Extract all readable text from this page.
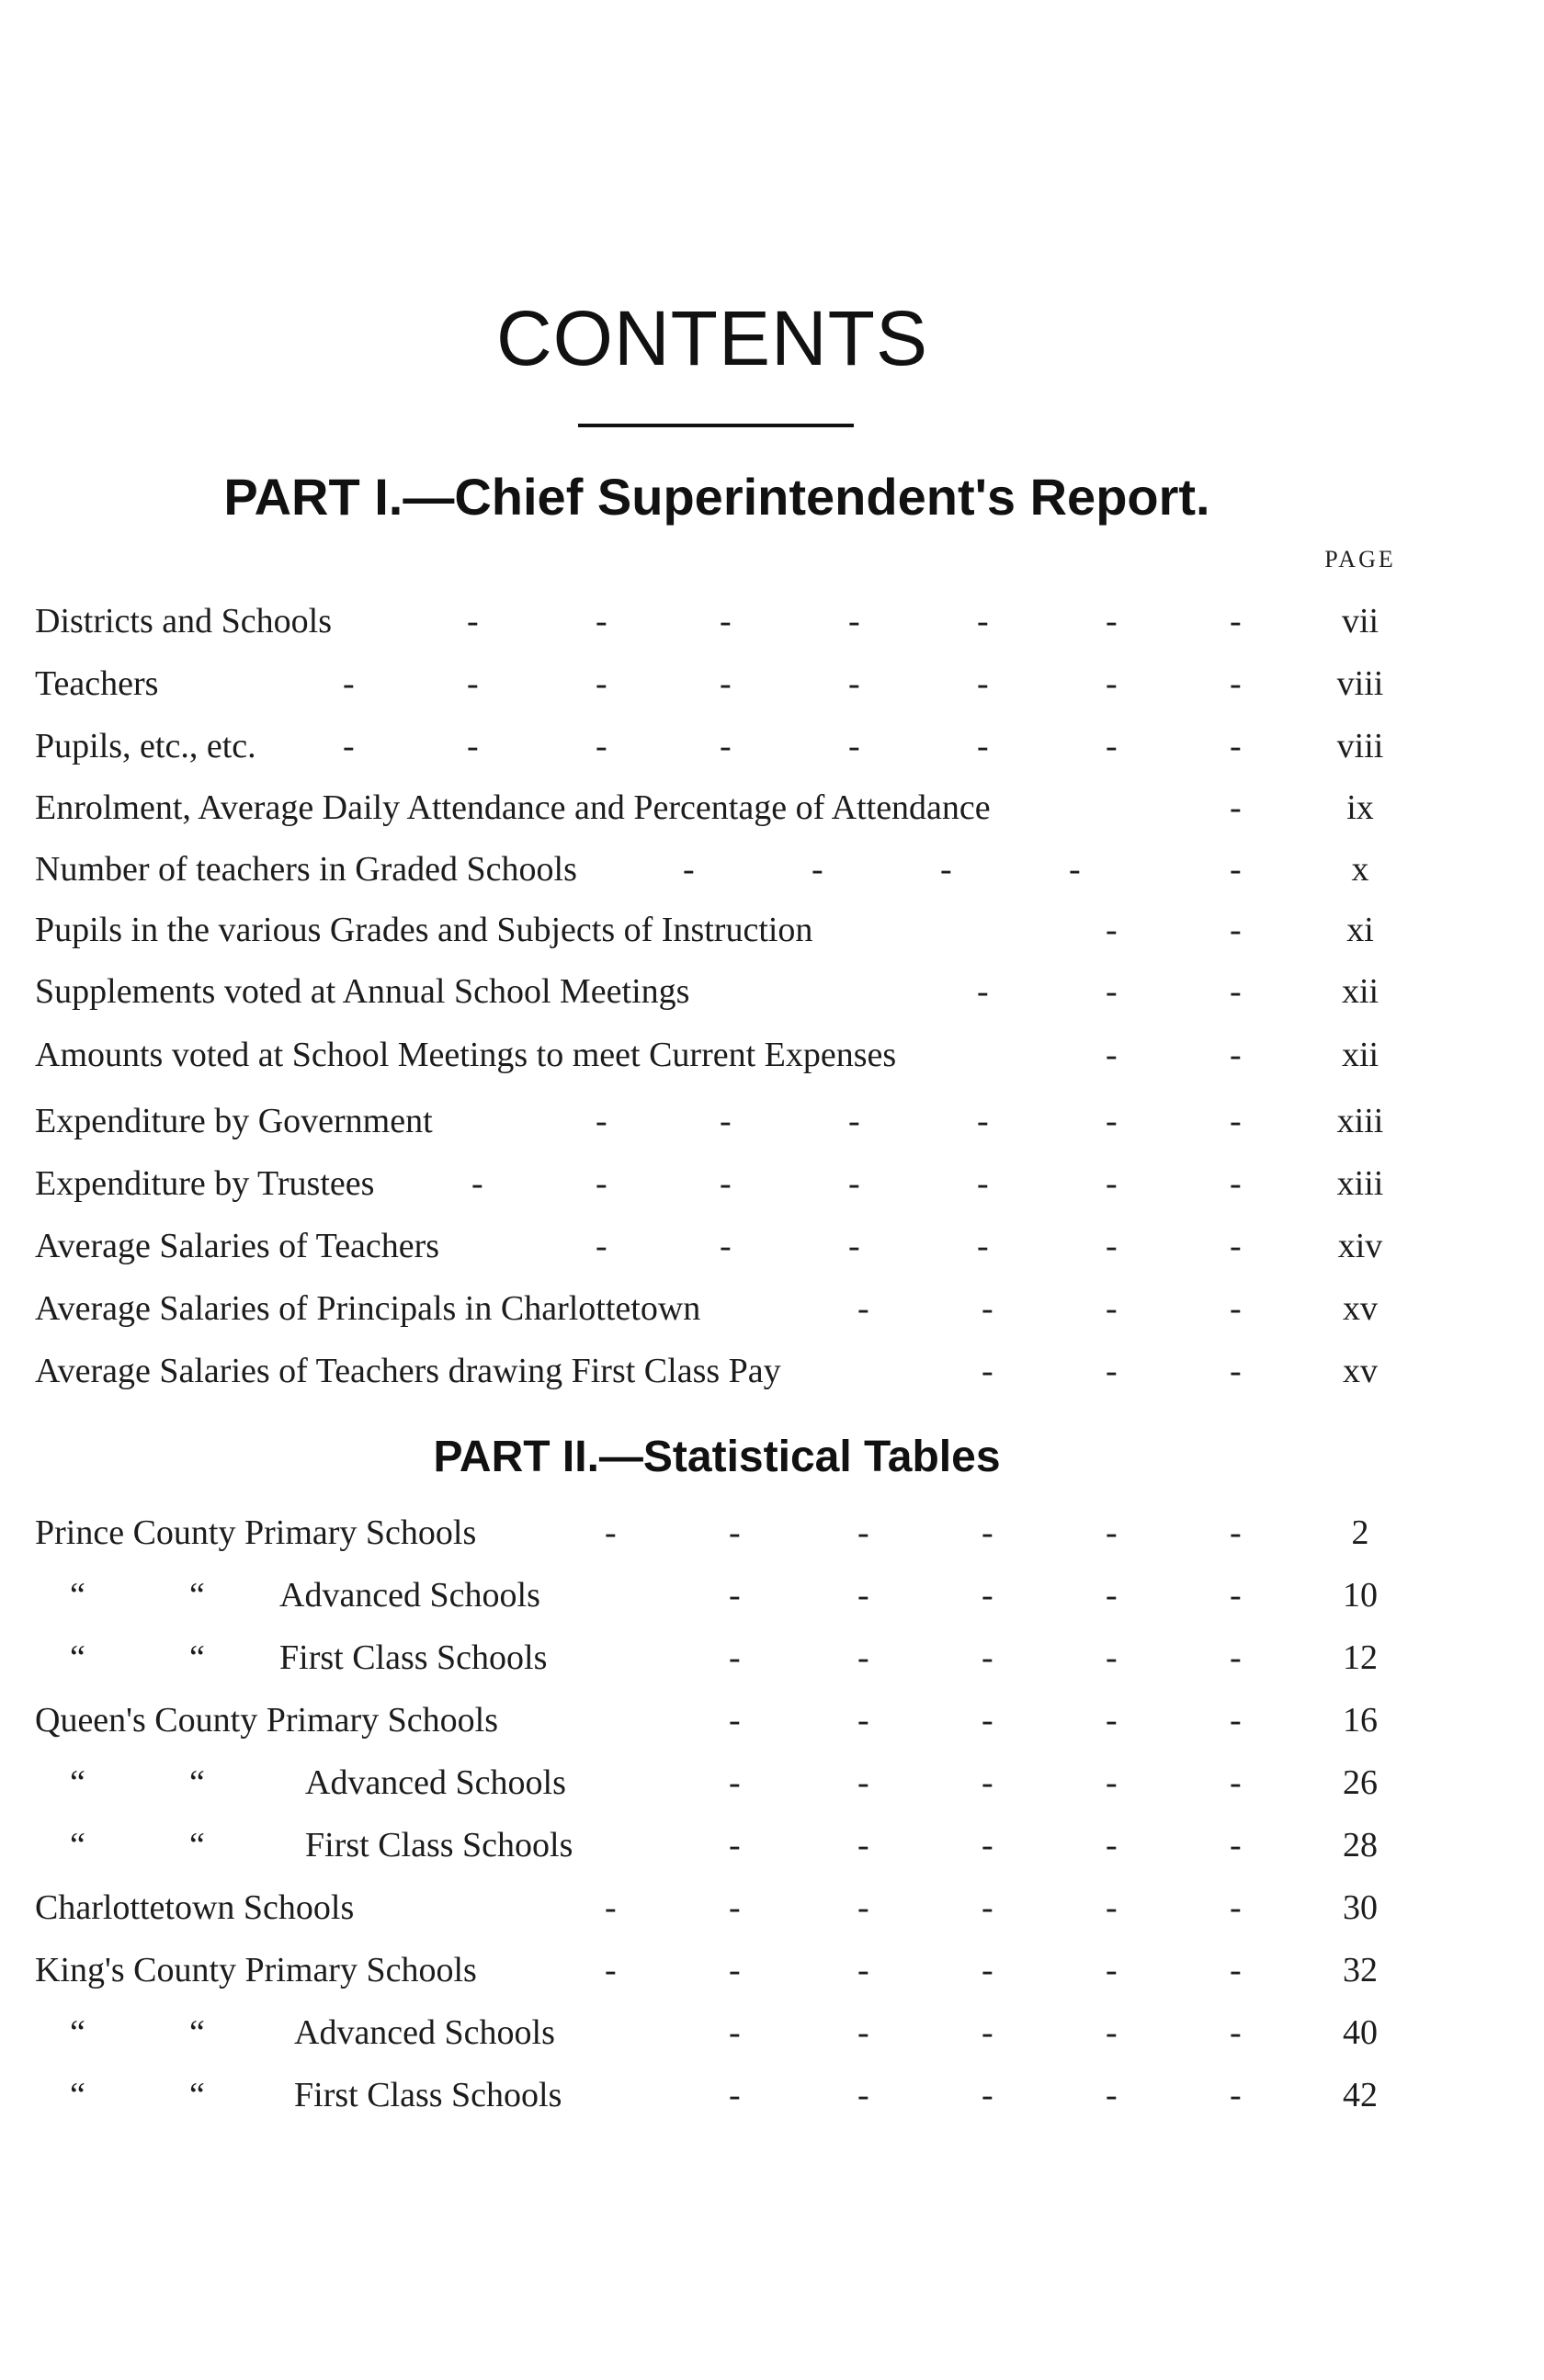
CONTENTS
PART I.—Chief Superintendent's Report.
PAGE
Districts and Schools	-	-	-	-	-	-	-	vii
Teachers	-	-	-	-	-	-	-	-	viii
Pupils, etc., etc. -	-	-	-	-	-	-	-	viii
Enrolment, Average Daily Attendance and Percentage of Attendance	-	ix
Number of teachers in Graded Schools	-	-	-	-	-	x
Pupils in the various Grades and Subjects of Instruction	-	-	xi
Supplements voted at Annual School Meetings	-	-	-	xii
Amounts voted at School Meetings to meet Current Expenses	-	-	xii
Expenditure by Government	-	-	-	-	-	-	xiii
Expenditure by Trustees	-	-	-	-	-	-	-	xiii
Average Salaries of Teachers	-	-	-	-	-	-	xiv
Average Salaries of Principals in Charlottetown	-	-	-	-	xv
Average Salaries of Teachers drawing First Class Pay	-	-	-	xv
PART II.—Statistical Tables
Prince County Primary Schools	-	-	-	-	-	-	2
“	“ Advanced Schools	-	-	-	-	-	10
“	“ First Class Schools	-	-	-	-	-	12
Queen's County Primary Schools	-	-	-	-	-	16
“	“	Advanced Schools	-	-	-	-	-	26
“	“	First Class Schools	-	-	-	-	-	28
Charlottetown Schools	-	-	-	-	-	-	30
King's County Primary Schools	-	-	-	-	-	-	32
“	“	Advanced Schools	-	-	-	-	-	40
“	“	First Class Schools	-	-	-	-	-	42
